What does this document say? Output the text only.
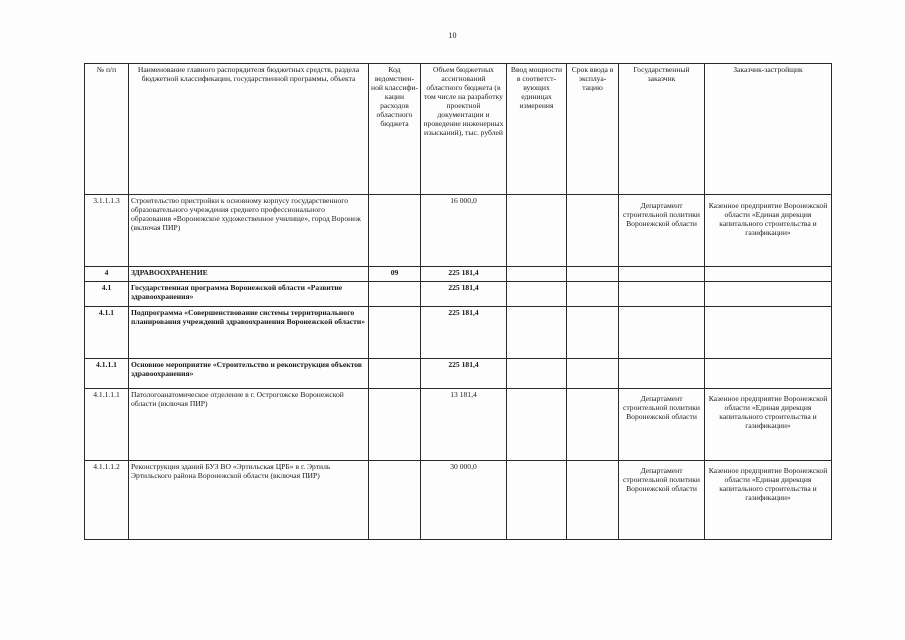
10
№ п/п	Наименование главного распорядителя бюджетных средств, раздела бюджетной классификации, государственной программы, объекта	Код ведомствен-ной классифи-кации расходов областного бюджета	Объем бюджетных ассигнований областного бюджета (в том числе на разработку проектной документации и проведение инженерных изысканий), тыс. рублей	Ввод мощности в соответст-вующих единицах измерения	Срок ввода в эксплуа-тацию	Государственный заказчик	Заказчик-застройщик
3.1.1.1.3	Строительство пристройки к основному корпусу государственного образовательного учреждения среднего профессионального образования «Воронежское художественное училище», город Воронеж (включая ПИР)		16 000,0			Департамент строительной политики Воронежской области	Казенное предприятие Воронежской области «Единая дирекция капитального строительства и газификации»
4	ЗДРАВООХРАНЕНИЕ	09	225 181,4				
4.1	Государственная программа Воронежской области «Развитие здравоохранения»		225 181,4				
4.1.1	Подпрограмма «Совершенствование системы территориального планирования учреждений здравоохранения Воронежской области»		225 181,4				
4.1.1.1	Основное мероприятие «Строительство и реконструкция объектов здравоохранения»		225 181,4				
4.1.1.1.1	Патологоанатомическое отделение в г. Острогожске Воронежской области (включая ПИР)		13 181,4			Департамент строительной политики Воронежской области	Казенное предприятие Воронежской области «Единая дирекция капитального строительства и газификации»
4.1.1.1.2	Реконструкция зданий БУЗ ВО «Эртильская ЦРБ» в г. Эртиль Эртильского района Воронежской области (включая ПИР)		30 000,0			Департамент строительной политики Воронежской области	Казенное предприятие Воронежской области «Единая дирекция капитального строительства и газификации»
